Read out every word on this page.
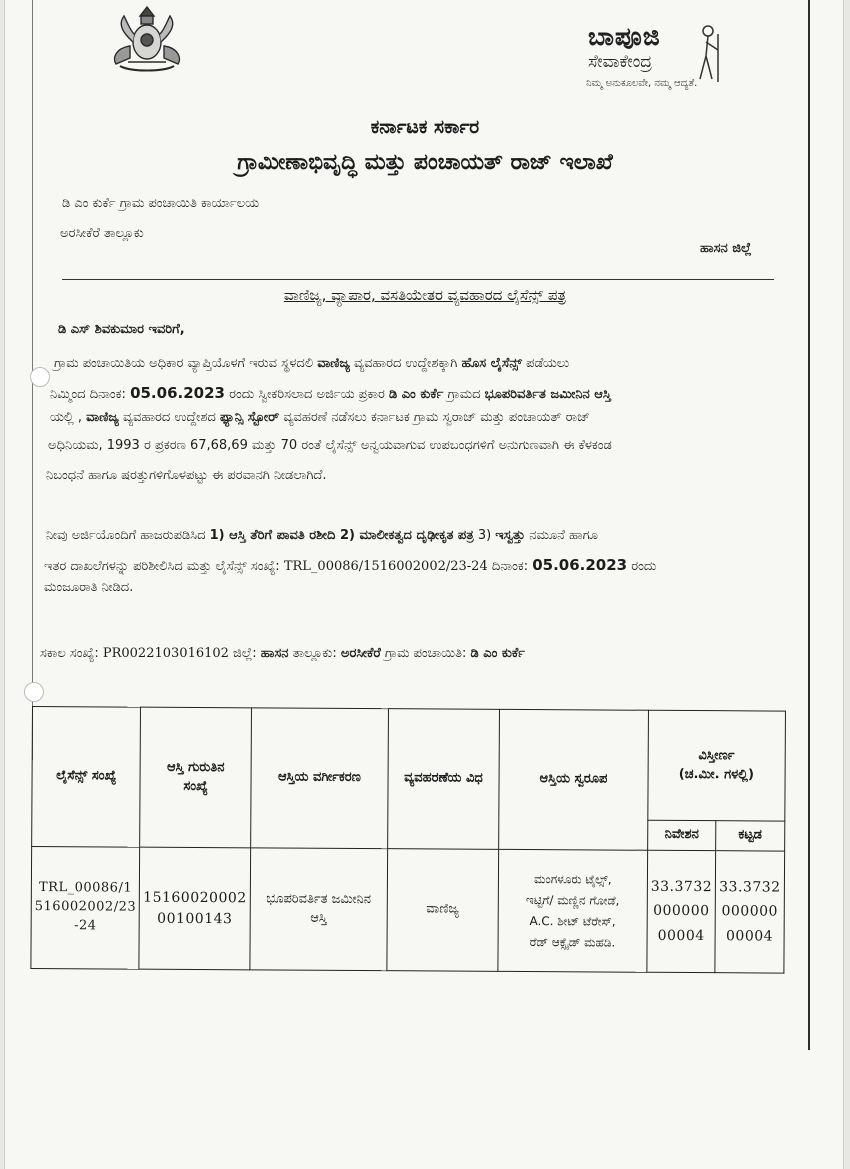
ಬಾಪೂಜಿ
ಸೇವಾಕೇಂದ್ರ
ನಿಮ್ಮ ಅನುಕೂಲವೇ, ನಮ್ಮ ಆದ್ಯತೆ.
ಕರ್ನಾಟಕ ಸರ್ಕಾರ
ಗ್ರಾಮೀಣಾಭಿವೃದ್ಧಿ ಮತ್ತು ಪಂಚಾಯತ್ ರಾಜ್ ಇಲಾಖೆ
ಡಿ ಎಂ ಕುರ್ಕೆ ಗ್ರಾಮ ಪಂಚಾಯಿತಿ ಕಾರ್ಯಾಲಯ
ಅರಸೀಕೆರೆ ತಾಲ್ಲೂಕು
ಹಾಸನ ಜಿಲ್ಲೆ
ವಾಣಿಜ್ಯ, ವ್ಯಾಪಾರ, ವಸತಿಯೇತರ ವ್ಯವಹಾರದ ಲೈಸೆನ್ಸ್ ಪತ್ರ
ಡಿ ಎಸ್ ಶಿವಕುಮಾರ ಇವರಿಗೆ,
ಗ್ರಾಮ ಪಂಚಾಯಿತಿಯ ಅಧಿಕಾರ ವ್ಯಾಪ್ತಿಯೊಳಗೆ ಇರುವ ಸ್ಥಳದಲಿ ವಾಣಿಜ್ಯ ವ್ಯವಹಾರದ ಉದ್ದೇಶಕ್ಕಾಗಿ ಹೊಸ ಲೈಸೆನ್ಸ್ ಪಡೆಯಲು
ನಿಮ್ಮಿಂದ ದಿನಾಂಕ: 05.06.2023 ರಂದು ಸ್ವೀಕರಿಸಲಾದ ಅರ್ಜಿಯ ಪ್ರಕಾರ ಡಿ ಎಂ ಕುರ್ಕೆ ಗ್ರಾಮದ ಭೂಪರಿವರ್ತಿತ ಜಮೀನಿನ ಆಸ್ತಿ
ಯಲ್ಲಿ , ವಾಣಿಜ್ಯ ವ್ಯವಹಾರದ ಉದ್ದೇಶದ ಫ್ಯಾನ್ಸಿ ಸ್ಟೋರ್ ವ್ಯವಹರಣೆ ನಡೆಸಲು ಕರ್ನಾಟಕ ಗ್ರಾಮ ಸ್ವರಾಜ್ ಮತ್ತು ಪಂಚಾಯತ್ ರಾಜ್
ಅಧಿನಿಯಮ, 1993 ರ ಪ್ರಕರಣ 67,68,69 ಮತ್ತು 70 ರಂತೆ ಲೈಸೆನ್ಸ್ ಅನ್ವಯವಾಗುವ ಉಪಬಂಧಗಳಿಗೆ ಅನುಗುಣವಾಗಿ ಈ ಕೆಳಕಂಡ
ನಿಬಂಧನೆ ಹಾಗೂ ಷರತ್ತುಗಳಿಗೊಳಪಟ್ಟು ಈ ಪರವಾನಗಿ ನೀಡಲಾಗಿದೆ.
ನೀವು ಅರ್ಜಿಯೊಂದಿಗೆ ಹಾಜರುಪಡಿಸಿದ 1) ಆಸ್ತಿ ತೆರಿಗೆ ಪಾವತಿ ರಶೀದಿ 2) ಮಾಲೀಕತ್ವದ ದೃಢೀಕೃತ ಪತ್ರ 3) ಇಸ್ವತ್ತು ನಮೂನೆ ಹಾಗೂ
ಇತರ ದಾಖಲೆಗಳನ್ನು ಪರಿಶೀಲಿಸಿದ ಮತ್ತು ಲೈಸೆನ್ಸ್ ಸಂಖ್ಯೆ: TRL_00086/1516002002/23-24 ದಿನಾಂಕ: 05.06.2023 ರಂದು
ಮಂಜೂರಾತಿ ನೀಡಿದ.
ಸಕಾಲ ಸಂಖ್ಯೆ: PR0022103016102 ಜಿಲ್ಲೆ: ಹಾಸನ ತಾಲ್ಲೂಕು: ಅರಸೀಕೆರೆ ಗ್ರಾಮ ಪಂಚಾಯಿತಿ: ಡಿ ಎಂ ಕುರ್ಕೆ
ಲೈಸೆನ್ಸ್ ಸಂಖ್ಯೆ	ಆಸ್ತಿ ಗುರುತಿನ
ಸಂಖ್ಯೆ	ಆಸ್ತಿಯ ವರ್ಗೀಕರಣ	ವ್ಯವಹರಣೆಯ ವಿಧ	ಆಸ್ತಿಯ ಸ್ವರೂಪ	ವಿಸ್ತೀರ್ಣ
(ಚ.ಮೀ. ಗಳಲ್ಲಿ)	
					ನಿವೇಶನ	ಕಟ್ಟಡ
TRL_00086/1
516002002/23
-24	15160020002
00100143	ಭೂಪರಿವರ್ತಿತ ಜಮೀನಿನ
ಆಸ್ತಿ	ವಾಣಿಜ್ಯ	ಮಂಗಳೂರು ಟೈಲ್ಸ್,
ಇಟ್ಟಿಗೆ/ ಮಣ್ಣಿನ ಗೋಡೆ,
A.C. ಶೀಟ್ ಟೆರೇಸ್,
ರೆಡ್ ಆಕ್ಸೈಡ್ ಮಹಡಿ.	33.3732
000000
00004	33.3732
000000
00004
